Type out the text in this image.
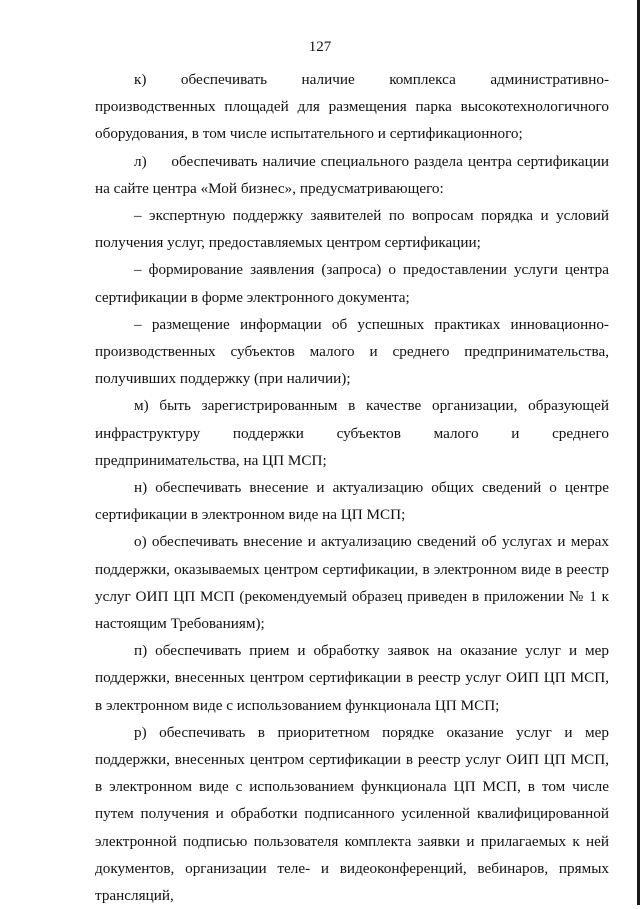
127

к)        обеспечивать        наличие        комплекса        административно-производственных площадей для размещения парка высокотехнологичного оборудования, в том числе испытательного и сертификационного;

л)     обеспечивать наличие специального раздела центра сертификации на сайте центра «Мой бизнес», предусматривающего:

– экспертную поддержку заявителей по вопросам порядка и условий получения услуг, предоставляемых центром сертификации;

– формирование заявления (запроса) о предоставлении услуги центра сертификации в форме электронного документа;

– размещение информации об успешных практиках инновационно-производственных субъектов малого и среднего предпринимательства, получивших поддержку (при наличии);

м) быть зарегистрированным в качестве организации, образующей инфраструктуру поддержки субъектов малого и среднего предпринимательства, на ЦП МСП;

н) обеспечивать внесение и актуализацию общих сведений о центре сертификации в электронном виде на ЦП МСП;

о) обеспечивать внесение и актуализацию сведений об услугах и мерах поддержки, оказываемых центром сертификации, в электронном виде в реестр услуг ОИП ЦП МСП (рекомендуемый образец приведен в приложении № 1 к настоящим Требованиям);

п) обеспечивать прием и обработку заявок на оказание услуг и мер поддержки, внесенных центром сертификации в реестр услуг ОИП ЦП МСП, в электронном виде с использованием функционала ЦП МСП;

р) обеспечивать в приоритетном порядке оказание услуг и мер поддержки, внесенных центром сертификации в реестр услуг ОИП ЦП МСП, в электронном виде с использованием функционала ЦП МСП, в том числе путем получения и обработки подписанного усиленной квалифицированной электронной подписью пользователя комплекта заявки и прилагаемых к ней документов, организации теле- и видеоконференций, вебинаров, прямых трансляций,
